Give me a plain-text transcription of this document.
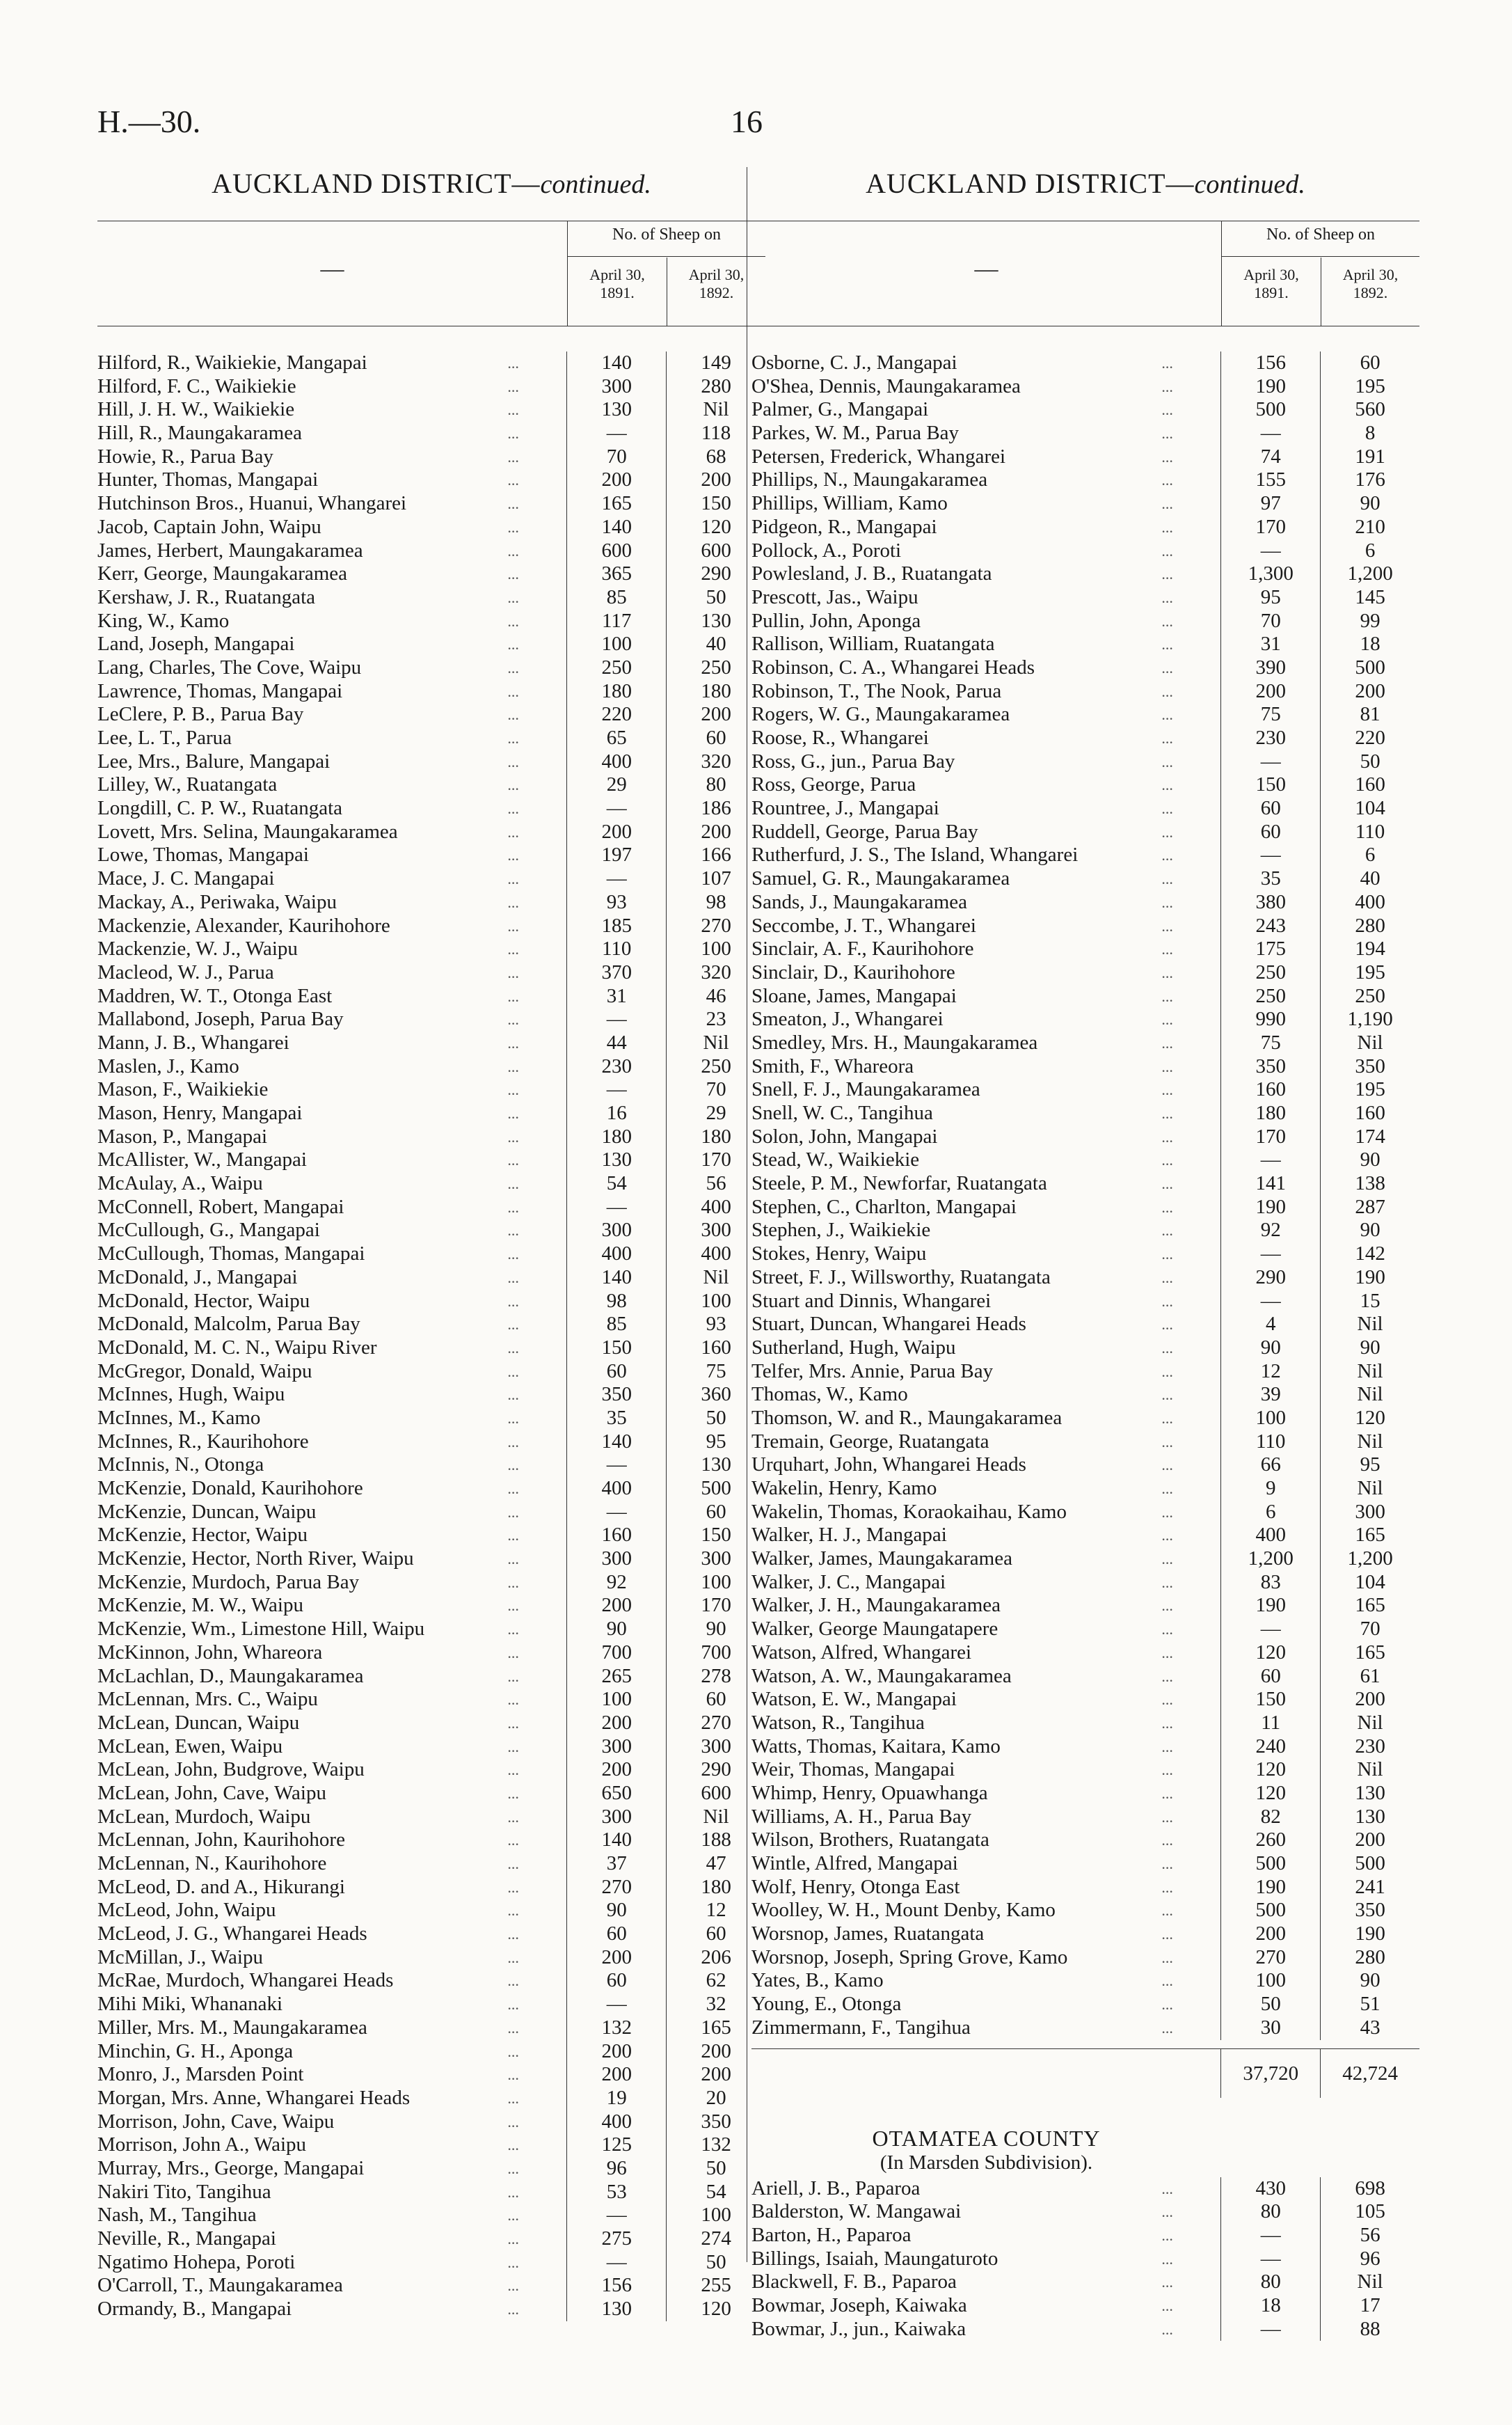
H.—30.	16
AUCKLAND DISTRICT—continued.
—
No. of Sheep on
April 30,
1891.
April 30,
1892.
Hilford, R., Waikiekie, Mangapai	...	140	149
Hilford, F. C., Waikiekie	...	300	280
Hill, J. H. W., Waikiekie	...	130	Nil
Hill, R., Maungakaramea	...	—	118
Howie, R., Parua Bay	...	70	68
Hunter, Thomas, Mangapai	...	200	200
Hutchinson Bros., Huanui, Whangarei	...	165	150
Jacob, Captain John, Waipu	...	140	120
James, Herbert, Maungakaramea	...	600	600
Kerr, George, Maungakaramea	...	365	290
Kershaw, J. R., Ruatangata	...	85	50
King, W., Kamo	...	117	130
Land, Joseph, Mangapai	...	100	40
Lang, Charles, The Cove, Waipu	...	250	250
Lawrence, Thomas, Mangapai	...	180	180
LeClere, P. B., Parua Bay	...	220	200
Lee, L. T., Parua	...	65	60
Lee, Mrs., Balure, Mangapai	...	400	320
Lilley, W., Ruatangata	...	29	80
Longdill, C. P. W., Ruatangata	...	—	186
Lovett, Mrs. Selina, Maungakaramea	...	200	200
Lowe, Thomas, Mangapai	...	197	166
Mace, J. C. Mangapai	...	—	107
Mackay, A., Periwaka, Waipu	...	93	98
Mackenzie, Alexander, Kaurihohore	...	185	270
Mackenzie, W. J., Waipu	...	110	100
Macleod, W. J., Parua	...	370	320
Maddren, W. T., Otonga East	...	31	46
Mallabond, Joseph, Parua Bay	...	—	23
Mann, J. B., Whangarei	...	44	Nil
Maslen, J., Kamo	...	230	250
Mason, F., Waikiekie	...	—	70
Mason, Henry, Mangapai	...	16	29
Mason, P., Mangapai	...	180	180
McAllister, W., Mangapai	...	130	170
McAulay, A., Waipu	...	54	56
McConnell, Robert, Mangapai	...	—	400
McCullough, G., Mangapai	...	300	300
McCullough, Thomas, Mangapai	...	400	400
McDonald, J., Mangapai	...	140	Nil
McDonald, Hector, Waipu	...	98	100
McDonald, Malcolm, Parua Bay	...	85	93
McDonald, M. C. N., Waipu River	...	150	160
McGregor, Donald, Waipu	...	60	75
McInnes, Hugh, Waipu	...	350	360
McInnes, M., Kamo	...	35	50
McInnes, R., Kaurihohore	...	140	95
McInnis, N., Otonga	...	—	130
McKenzie, Donald, Kaurihohore	...	400	500
McKenzie, Duncan, Waipu	...	—	60
McKenzie, Hector, Waipu	...	160	150
McKenzie, Hector, North River, Waipu	...	300	300
McKenzie, Murdoch, Parua Bay	...	92	100
McKenzie, M. W., Waipu	...	200	170
McKenzie, Wm., Limestone Hill, Waipu	...	90	90
McKinnon, John, Whareora	...	700	700
McLachlan, D., Maungakaramea	...	265	278
McLennan, Mrs. C., Waipu	...	100	60
McLean, Duncan, Waipu	...	200	270
McLean, Ewen, Waipu	...	300	300
McLean, John, Budgrove, Waipu	...	200	290
McLean, John, Cave, Waipu	...	650	600
McLean, Murdoch, Waipu	...	300	Nil
McLennan, John, Kaurihohore	...	140	188
McLennan, N., Kaurihohore	...	37	47
McLeod, D. and A., Hikurangi	...	270	180
McLeod, John, Waipu	...	90	12
McLeod, J. G., Whangarei Heads	...	60	60
McMillan, J., Waipu	...	200	206
McRae, Murdoch, Whangarei Heads	...	60	62
Mihi Miki, Whananaki	...	—	32
Miller, Mrs. M., Maungakaramea	...	132	165
Minchin, G. H., Aponga	...	200	200
Monro, J., Marsden Point	...	200	200
Morgan, Mrs. Anne, Whangarei Heads	...	19	20
Morrison, John, Cave, Waipu	...	400	350
Morrison, John A., Waipu	...	125	132
Murray, Mrs., George, Mangapai	...	96	50
Nakiri Tito, Tangihua	...	53	54
Nash, M., Tangihua	...	—	100
Neville, R., Mangapai	...	275	274
Ngatimo Hohepa, Poroti	...	—	50
O'Carroll, T., Maungakaramea	...	156	255
Ormandy, B., Mangapai	...	130	120
AUCKLAND DISTRICT—continued.
—
No. of Sheep on
April 30,
1891.
April 30,
1892.
Osborne, C. J., Mangapai	...	156	60
O'Shea, Dennis, Maungakaramea	...	190	195
Palmer, G., Mangapai	...	500	560
Parkes, W. M., Parua Bay	...	—	8
Petersen, Frederick, Whangarei	...	74	191
Phillips, N., Maungakaramea	...	155	176
Phillips, William, Kamo	...	97	90
Pidgeon, R., Mangapai	...	170	210
Pollock, A., Poroti	...	—	6
Powlesland, J. B., Ruatangata	...	1,300	1,200
Prescott, Jas., Waipu	...	95	145
Pullin, John, Aponga	...	70	99
Rallison, William, Ruatangata	...	31	18
Robinson, C. A., Whangarei Heads	...	390	500
Robinson, T., The Nook, Parua	...	200	200
Rogers, W. G., Maungakaramea	...	75	81
Roose, R., Whangarei	...	230	220
Ross, G., jun., Parua Bay	...	—	50
Ross, George, Parua	...	150	160
Rountree, J., Mangapai	...	60	104
Ruddell, George, Parua Bay	...	60	110
Rutherfurd, J. S., The Island, Whangarei	...	—	6
Samuel, G. R., Maungakaramea	...	35	40
Sands, J., Maungakaramea	...	380	400
Seccombe, J. T., Whangarei	...	243	280
Sinclair, A. F., Kaurihohore	...	175	194
Sinclair, D., Kaurihohore	...	250	195
Sloane, James, Mangapai	...	250	250
Smeaton, J., Whangarei	...	990	1,190
Smedley, Mrs. H., Maungakaramea	...	75	Nil
Smith, F., Whareora	...	350	350
Snell, F. J., Maungakaramea	...	160	195
Snell, W. C., Tangihua	...	180	160
Solon, John, Mangapai	...	170	174
Stead, W., Waikiekie	...	—	90
Steele, P. M., Newforfar, Ruatangata	...	141	138
Stephen, C., Charlton, Mangapai	...	190	287
Stephen, J., Waikiekie	...	92	90
Stokes, Henry, Waipu	...	—	142
Street, F. J., Willsworthy, Ruatangata	...	290	190
Stuart and Dinnis, Whangarei	...	—	15
Stuart, Duncan, Whangarei Heads	...	4	Nil
Sutherland, Hugh, Waipu	...	90	90
Telfer, Mrs. Annie, Parua Bay	...	12	Nil
Thomas, W., Kamo	...	39	Nil
Thomson, W. and R., Maungakaramea	...	100	120
Tremain, George, Ruatangata	...	110	Nil
Urquhart, John, Whangarei Heads	...	66	95
Wakelin, Henry, Kamo	...	9	Nil
Wakelin, Thomas, Koraokaihau, Kamo	...	6	300
Walker, H. J., Mangapai	...	400	165
Walker, James, Maungakaramea	...	1,200	1,200
Walker, J. C., Mangapai	...	83	104
Walker, J. H., Maungakaramea	...	190	165
Walker, George Maungatapere	...	—	70
Watson, Alfred, Whangarei	...	120	165
Watson, A. W., Maungakaramea	...	60	61
Watson, E. W., Mangapai	...	150	200
Watson, R., Tangihua	...	11	Nil
Watts, Thomas, Kaitara, Kamo	...	240	230
Weir, Thomas, Mangapai	...	120	Nil
Whimp, Henry, Opuawhanga	...	120	130
Williams, A. H., Parua Bay	...	82	130
Wilson, Brothers, Ruatangata	...	260	200
Wintle, Alfred, Mangapai	...	500	500
Wolf, Henry, Otonga East	...	190	241
Woolley, W. H., Mount Denby, Kamo	...	500	350
Worsnop, James, Ruatangata	...	200	190
Worsnop, Joseph, Spring Grove, Kamo	...	270	280
Yates, B., Kamo	...	100	90
Young, E., Otonga	...	50	51
Zimmermann, F., Tangihua	...	30	43
37,720	42,724
OTAMATEA COUNTY
(In Marsden Subdivision).
Ariell, J. B., Paparoa	...	430	698
Balderston, W. Mangawai	...	80	105
Barton, H., Paparoa	...	—	56
Billings, Isaiah, Maungaturoto	...	—	96
Blackwell, F. B., Paparoa	...	80	Nil
Bowmar, Joseph, Kaiwaka	...	18	17
Bowmar, J., jun., Kaiwaka	...	—	88
